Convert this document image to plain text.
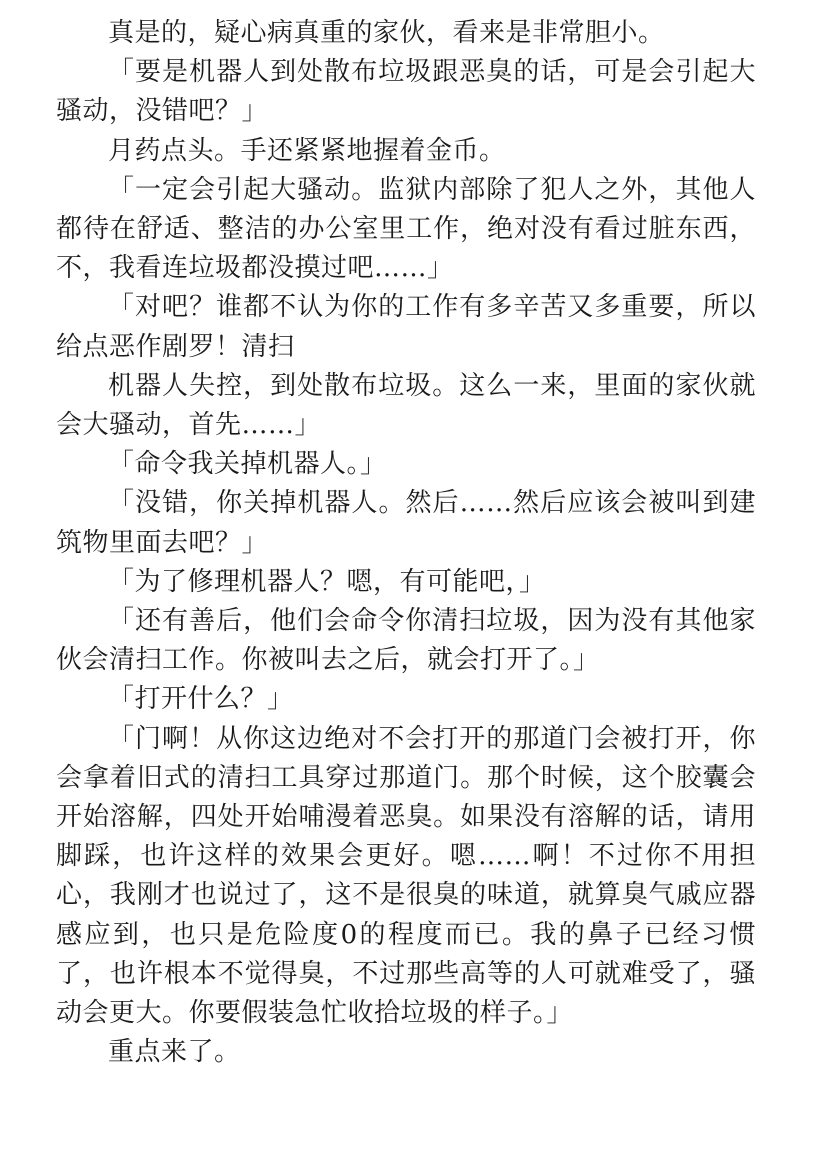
真是的，疑心病真重的家伙，看来是非常胆小。

「要是机器人到处散布垃圾跟恶臭的话，可是会引起大骚动，没错吧？」

月药点头。手还紧紧地握着金币。

「一定会引起大骚动。监狱内部除了犯人之外，其他人都待在舒适、整洁的办公室里工作，绝对没有看过脏东西，不，我看连垃圾都没摸过吧……」

「对吧？谁都不认为你的工作有多辛苦又多重要，所以给点恶作剧罗！清扫

机器人失控，到处散布垃圾。这么一来，里面的家伙就会大骚动，首先……」

「命令我关掉机器人。」

「没错，你关掉机器人。然后……然后应该会被叫到建筑物里面去吧？」

「为了修理机器人？嗯，有可能吧，」

「还有善后，他们会命令你清扫垃圾，因为没有其他家伙会清扫工作。你被叫去之后，就会打开了。」

「打开什么？」

「门啊！从你这边绝对不会打开的那道门会被打开，你会拿着旧式的清扫工具穿过那道门。那个时候，这个胶囊会开始溶解，四处开始哺漫着恶臭。如果没有溶解的话，请用脚踩，也许这样的效果会更好。嗯……啊！不过你不用担心，我刚才也说过了，这不是很臭的味道，就算臭气戚应器感应到，也只是危险度0的程度而已。我的鼻子已经习惯了，也许根本不觉得臭，不过那些高等的人可就难受了，骚动会更大。你要假装急忙收拾垃圾的样子。」

重点来了。
